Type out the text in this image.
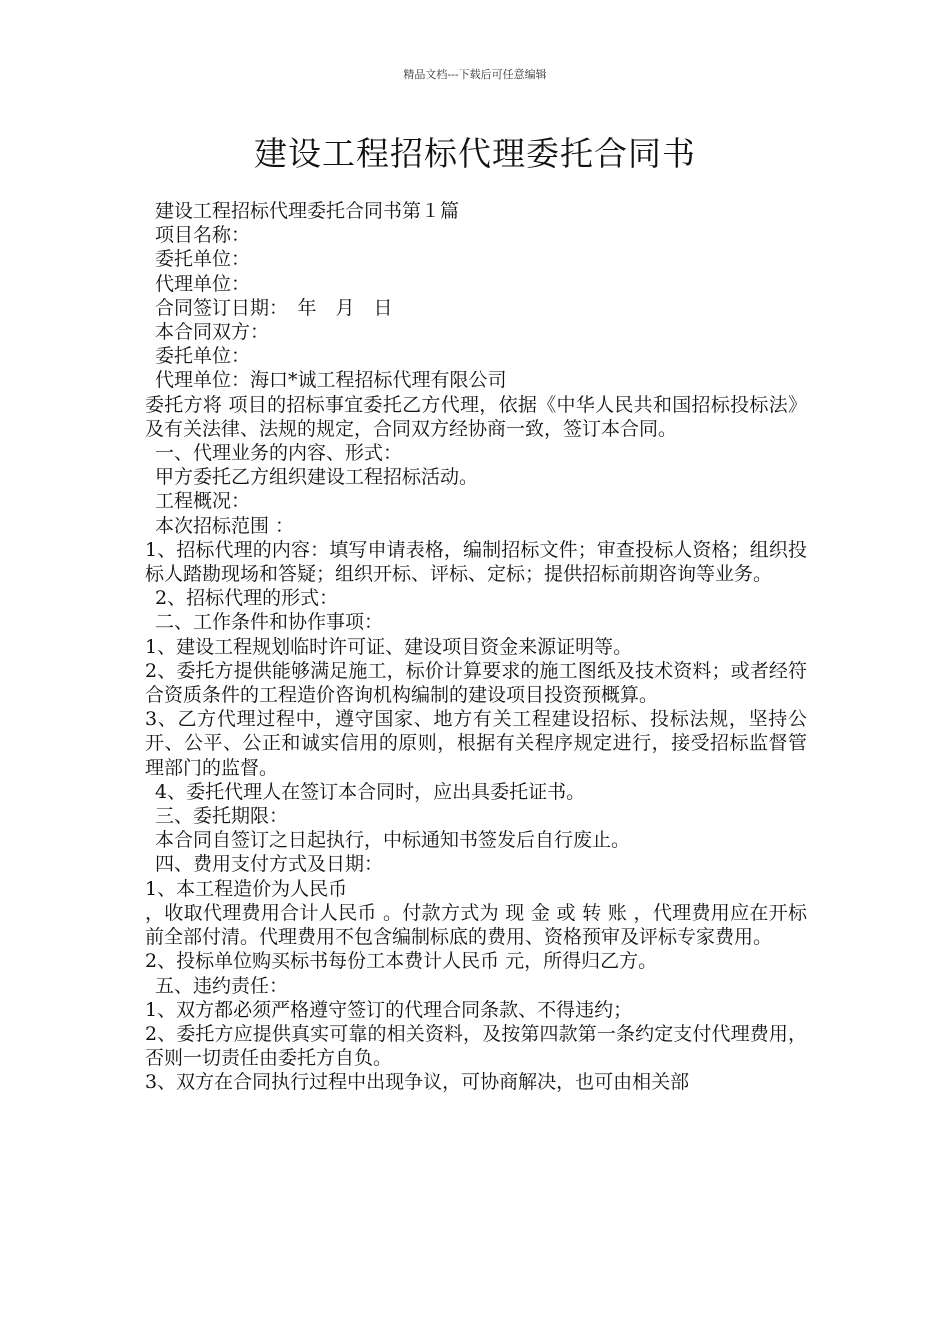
精品文档---下载后可任意编辑
建设工程招标代理委托合同书

建设工程招标代理委托合同书第１篇

项目名称：

委托单位：

代理单位：

合同签订日期：　年　月　日

本合同双方：

委托单位：

代理单位：海口*诚工程招标代理有限公司

委托方将 项目的招标事宜委托乙方代理，依据《中华人民共和国招标投标法》及有关法律、法规的规定，合同双方经协商一致，签订本合同。

一、代理业务的内容、形式：

甲方委托乙方组织建设工程招标活动。

工程概况：

本次招标范围 ：

1、招标代理的内容：填写申请表格，编制招标文件；审查投标人资格；组织投标人踏勘现场和答疑；组织开标、评标、定标；提供招标前期咨询等业务。

2、招标代理的形式：

二、工作条件和协作事项：

1、建设工程规划临时许可证、建设项目资金来源证明等。

2、委托方提供能够满足施工，标价计算要求的施工图纸及技术资料；或者经符合资质条件的工程造价咨询机构编制的建设项目投资预概算。

3、乙方代理过程中，遵守国家、地方有关工程建设招标、投标法规，坚持公开、公平、公正和诚实信用的原则，根据有关程序规定进行，接受招标监督管理部门的监督。

4、委托代理人在签订本合同时，应出具委托证书。

三、委托期限：

本合同自签订之日起执行，中标通知书签发后自行废止。

四、费用支付方式及日期：

1、本工程造价为人民币

，收取代理费用合计人民币 。付款方式为 现 金 或 转 账 ，代理费用应在开标前全部付清。代理费用不包含编制标底的费用、资格预审及评标专家费用。

2、投标单位购买标书每份工本费计人民币 元，所得归乙方。

五、违约责任：

1、双方都必须严格遵守签订的代理合同条款、不得违约；

2、委托方应提供真实可靠的相关资料，及按第四款第一条约定支付代理费用，否则一切责任由委托方自负。

3、双方在合同执行过程中出现争议，可协商解决，也可由相关部
